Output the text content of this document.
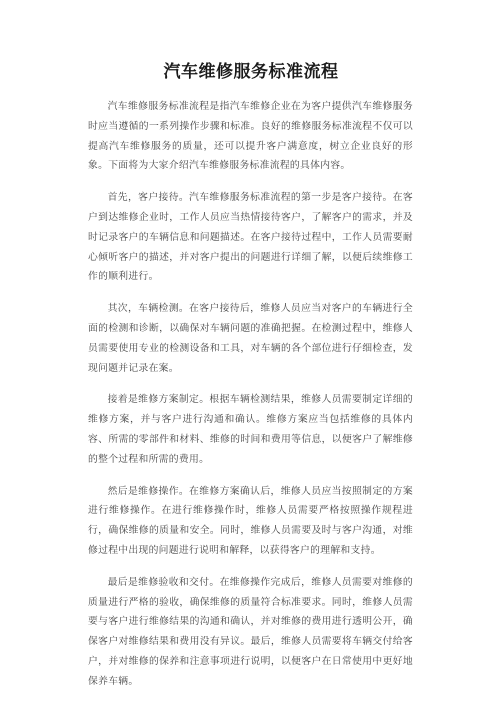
汽车维修服务标准流程

汽车维修服务标准流程是指汽车维修企业在为客户提供汽车维修服务时应当遵循的一系列操作步骤和标准。良好的维修服务标准流程不仅可以提高汽车维修服务的质量，还可以提升客户满意度，树立企业良好的形象。下面将为大家介绍汽车维修服务标准流程的具体内容。

首先，客户接待。汽车维修服务标准流程的第一步是客户接待。在客户到达维修企业时，工作人员应当热情接待客户，了解客户的需求，并及时记录客户的车辆信息和问题描述。在客户接待过程中，工作人员需要耐心倾听客户的描述，并对客户提出的问题进行详细了解，以便后续维修工作的顺利进行。

其次，车辆检测。在客户接待后，维修人员应当对客户的车辆进行全面的检测和诊断，以确保对车辆问题的准确把握。在检测过程中，维修人员需要使用专业的检测设备和工具，对车辆的各个部位进行仔细检查，发现问题并记录在案。

接着是维修方案制定。根据车辆检测结果，维修人员需要制定详细的维修方案，并与客户进行沟通和确认。维修方案应当包括维修的具体内容、所需的零部件和材料、维修的时间和费用等信息，以便客户了解维修的整个过程和所需的费用。

然后是维修操作。在维修方案确认后，维修人员应当按照制定的方案进行维修操作。在进行维修操作时，维修人员需要严格按照操作规程进行，确保维修的质量和安全。同时，维修人员需要及时与客户沟通，对维修过程中出现的问题进行说明和解释，以获得客户的理解和支持。

最后是维修验收和交付。在维修操作完成后，维修人员需要对维修的质量进行严格的验收，确保维修的质量符合标准要求。同时，维修人员需要与客户进行维修结果的沟通和确认，并对维修的费用进行透明公开，确保客户对维修结果和费用没有异议。最后，维修人员需要将车辆交付给客户，并对维修的保养和注意事项进行说明，以便客户在日常使用中更好地保养车辆。
